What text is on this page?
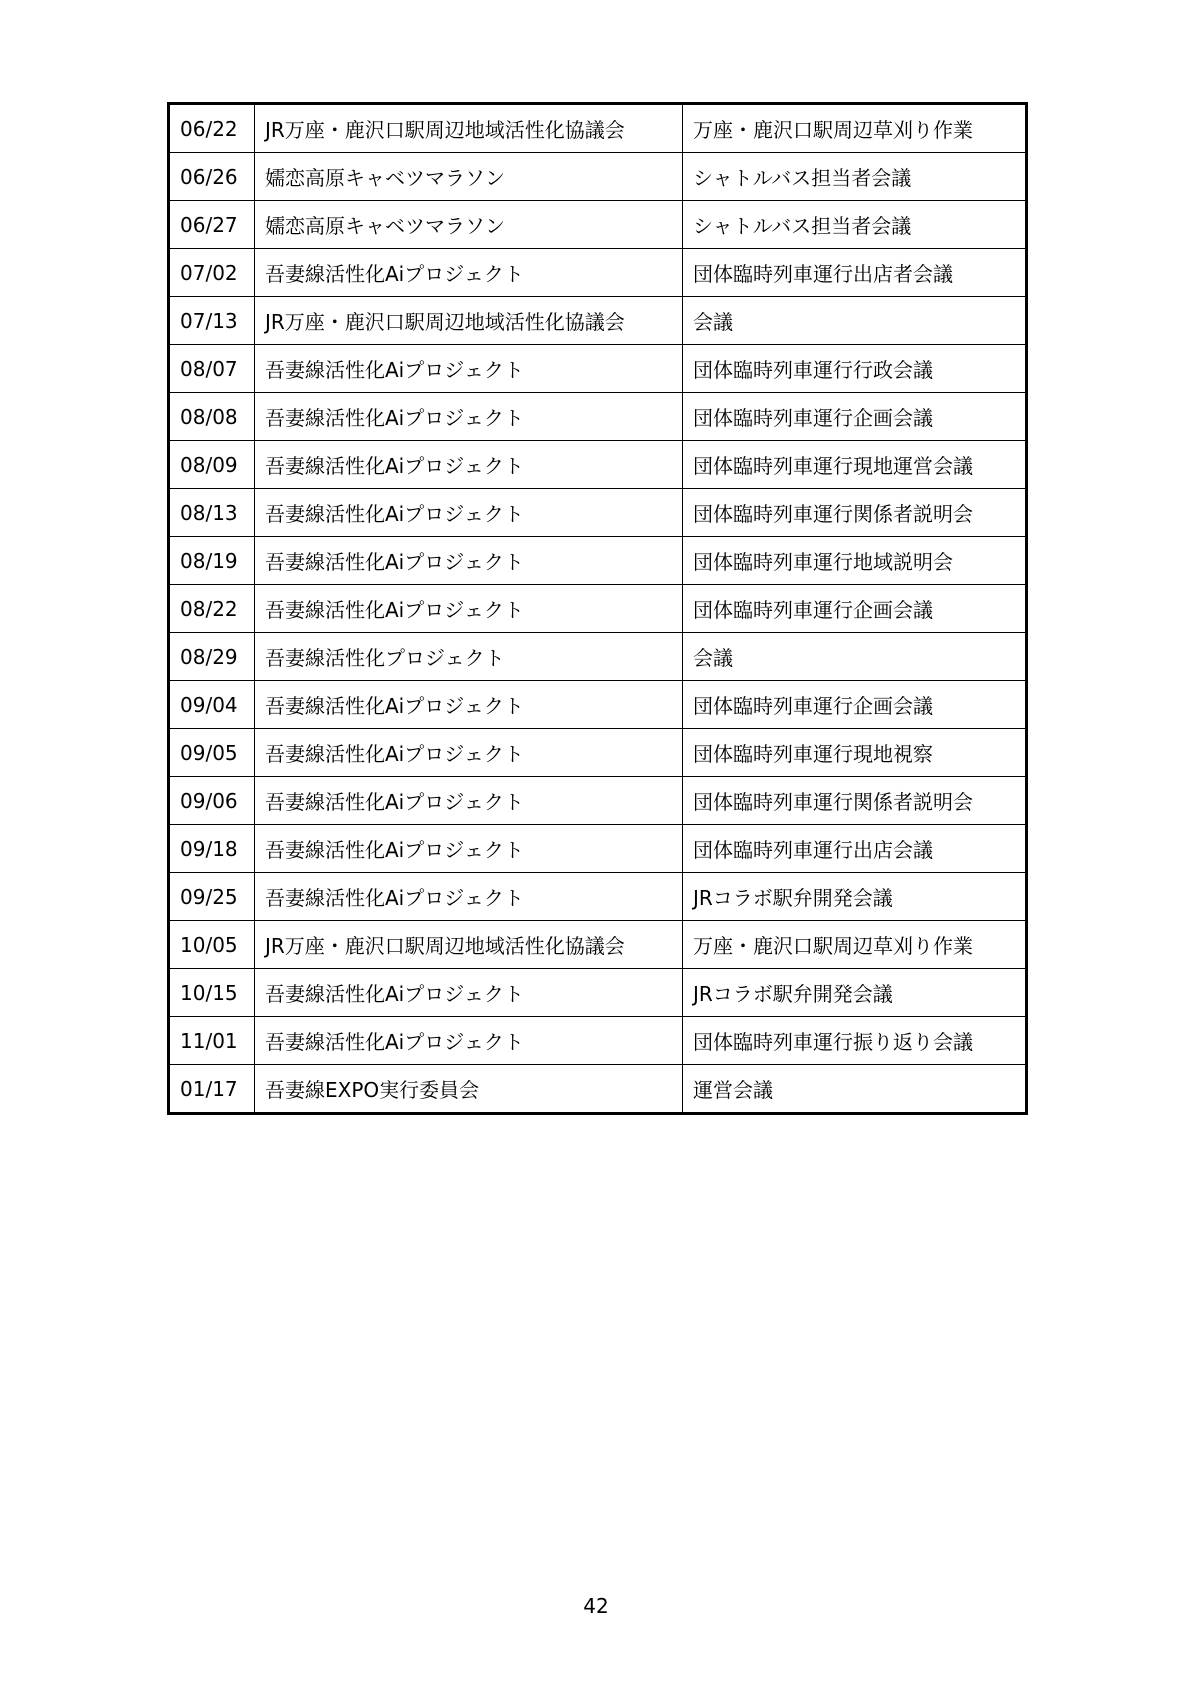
06/22	JR万座・鹿沢口駅周辺地域活性化協議会	万座・鹿沢口駅周辺草刈り作業
06/26	嬬恋高原キャベツマラソン	シャトルバス担当者会議
06/27	嬬恋高原キャベツマラソン	シャトルバス担当者会議
07/02	吾妻線活性化Aiプロジェクト	団体臨時列車運行出店者会議
07/13	JR万座・鹿沢口駅周辺地域活性化協議会	会議
08/07	吾妻線活性化Aiプロジェクト	団体臨時列車運行行政会議
08/08	吾妻線活性化Aiプロジェクト	団体臨時列車運行企画会議
08/09	吾妻線活性化Aiプロジェクト	団体臨時列車運行現地運営会議
08/13	吾妻線活性化Aiプロジェクト	団体臨時列車運行関係者説明会
08/19	吾妻線活性化Aiプロジェクト	団体臨時列車運行地域説明会
08/22	吾妻線活性化Aiプロジェクト	団体臨時列車運行企画会議
08/29	吾妻線活性化プロジェクト	会議
09/04	吾妻線活性化Aiプロジェクト	団体臨時列車運行企画会議
09/05	吾妻線活性化Aiプロジェクト	団体臨時列車運行現地視察
09/06	吾妻線活性化Aiプロジェクト	団体臨時列車運行関係者説明会
09/18	吾妻線活性化Aiプロジェクト	団体臨時列車運行出店会議
09/25	吾妻線活性化Aiプロジェクト	JRコラボ駅弁開発会議
10/05	JR万座・鹿沢口駅周辺地域活性化協議会	万座・鹿沢口駅周辺草刈り作業
10/15	吾妻線活性化Aiプロジェクト	JRコラボ駅弁開発会議
11/01	吾妻線活性化Aiプロジェクト	団体臨時列車運行振り返り会議
01/17	吾妻線EXPO実行委員会	運営会議
42
